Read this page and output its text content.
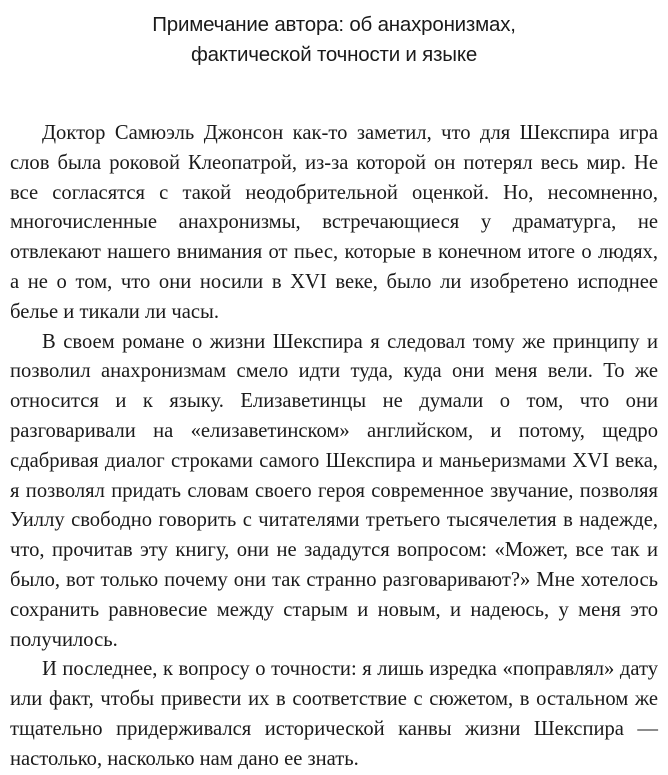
Примечание автора: об анахронизмах,
фактической точности и языке

Доктор Самюэль Джонсон как-то заметил, что для Шекспира игра слов была роковой Клеопатрой, из-за которой он потерял весь мир. Не все согласятся с такой неодобрительной оценкой. Но, несомненно, многочисленные анахронизмы, встречающиеся у драматурга, не отвлекают нашего внимания от пьес, которые в конечном итоге о людях, а не о том, что они носили в XVI веке, было ли изобретено исподнее белье и тикали ли часы.

В своем романе о жизни Шекспира я следовал тому же принципу и позволил анахронизмам смело идти туда, куда они меня вели. То же относится и к языку. Елизаветинцы не думали о том, что они разговаривали на «елизаветинском» английском, и потому, щедро сдабривая диалог строками самого Шекспира и маньеризмами XVI века, я позволял придать словам своего героя современное звучание, позволяя Уиллу свободно говорить с читателями третьего тысячелетия в надежде, что, прочитав эту книгу, они не зададутся вопросом: «Может, все так и было, вот только почему они так странно разговаривают?» Мне хотелось сохранить равновесие между старым и новым, и надеюсь, у меня это получилось.

И последнее, к вопросу о точности: я лишь изредка «поправлял» дату или факт, чтобы привести их в соответствие с сюжетом, в остальном же тщательно придерживался исторической канвы жизни Шекспира — настолько, насколько нам дано ее знать.
